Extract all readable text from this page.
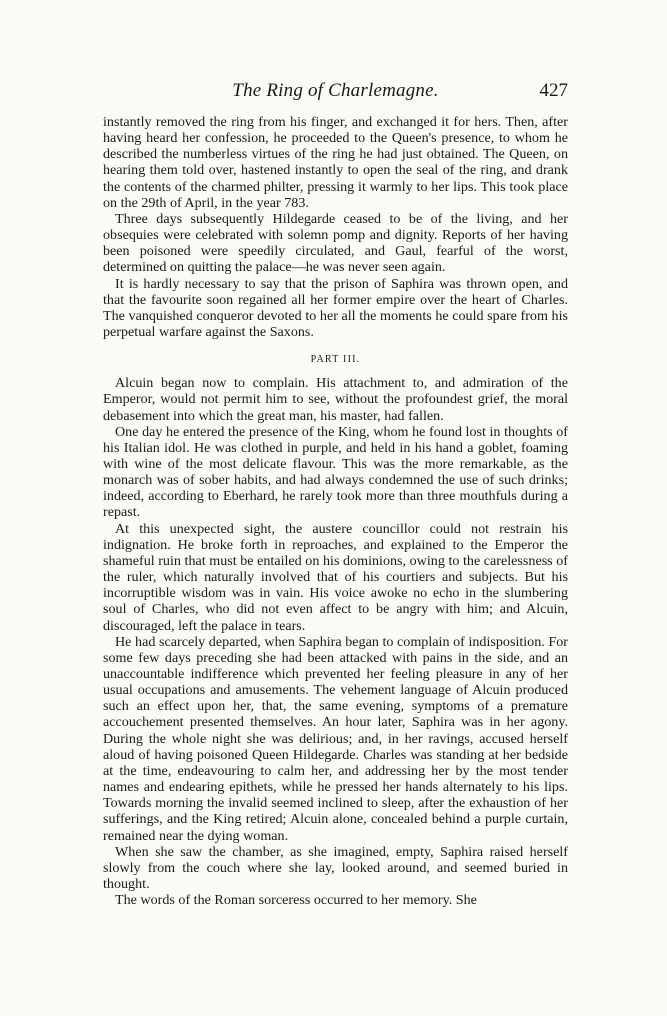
The Ring of Charlemagne.	427

instantly removed the ring from his finger, and exchanged it for hers. Then, after having heard her confession, he proceeded to the Queen's presence, to whom he described the numberless virtues of the ring he had just obtained. The Queen, on hearing them told over, hastened instantly to open the seal of the ring, and drank the contents of the charmed philter, pressing it warmly to her lips. This took place on the 29th of April, in the year 783.

Three days subsequently Hildegarde ceased to be of the living, and her obsequies were celebrated with solemn pomp and dignity. Reports of her having been poisoned were speedily circulated, and Gaul, fearful of the worst, determined on quitting the palace—he was never seen again.

It is hardly necessary to say that the prison of Saphira was thrown open, and that the favourite soon regained all her former empire over the heart of Charles. The vanquished conqueror devoted to her all the moments he could spare from his perpetual warfare against the Saxons.

PART III.

Alcuin began now to complain. His attachment to, and admiration of the Emperor, would not permit him to see, without the profoundest grief, the moral debasement into which the great man, his master, had fallen.

One day he entered the presence of the King, whom he found lost in thoughts of his Italian idol. He was clothed in purple, and held in his hand a goblet, foaming with wine of the most delicate flavour. This was the more remarkable, as the monarch was of sober habits, and had always condemned the use of such drinks; indeed, according to Eberhard, he rarely took more than three mouthfuls during a repast.

At this unexpected sight, the austere councillor could not restrain his indignation. He broke forth in reproaches, and explained to the Emperor the shameful ruin that must be entailed on his dominions, owing to the carelessness of the ruler, which naturally involved that of his courtiers and subjects. But his incorruptible wisdom was in vain. His voice awoke no echo in the slumbering soul of Charles, who did not even affect to be angry with him; and Alcuin, discouraged, left the palace in tears.

He had scarcely departed, when Saphira began to complain of indisposition. For some few days preceding she had been attacked with pains in the side, and an unaccountable indifference which prevented her feeling pleasure in any of her usual occupations and amusements. The vehement language of Alcuin produced such an effect upon her, that, the same evening, symptoms of a premature accouchement presented themselves. An hour later, Saphira was in her agony. During the whole night she was delirious; and, in her ravings, accused herself aloud of having poisoned Queen Hildegarde. Charles was standing at her bedside at the time, endeavouring to calm her, and addressing her by the most tender names and endearing epithets, while he pressed her hands alternately to his lips. Towards morning the invalid seemed inclined to sleep, after the exhaustion of her sufferings, and the King retired; Alcuin alone, concealed behind a purple curtain, remained near the dying woman.

When she saw the chamber, as she imagined, empty, Saphira raised herself slowly from the couch where she lay, looked around, and seemed buried in thought.

The words of the Roman sorceress occurred to her memory. She
